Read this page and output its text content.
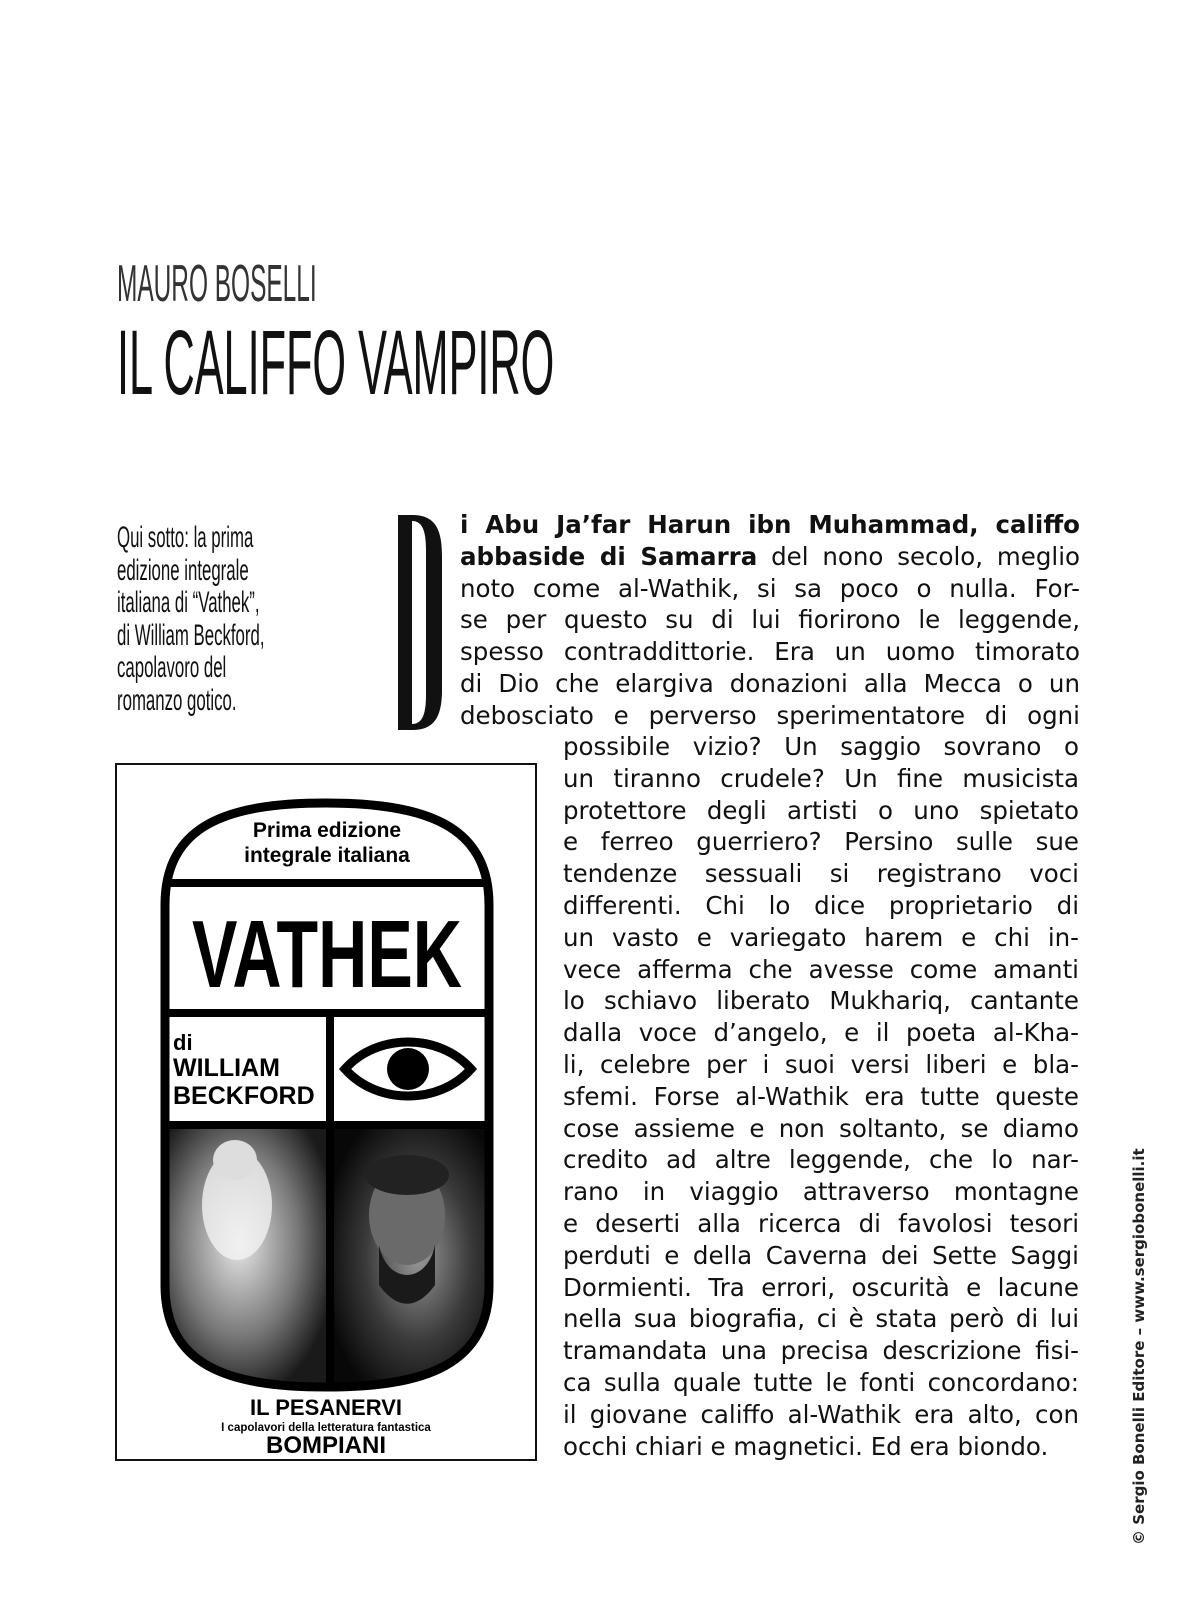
MAURO BOSELLI
IL CALIFFO VAMPIRO
Qui sotto: la prima
edizione integrale
italiana di “Vathek”,
di William Beckford,
capolavoro del
romanzo gotico.
D
i Abu Ja’far Harun ibn Muhammad, califfo
abbaside di Samarra del nono secolo, meglio
noto come al-Wathik, si sa poco o nulla. For-
se per questo su di lui fiorirono le leggende,
spesso contraddittorie. Era un uomo timorato
di Dio che elargiva donazioni alla Mecca o un
debosciato e perverso sperimentatore di ogni
possibile vizio? Un saggio sovrano o
un tiranno crudele? Un fine musicista
protettore degli artisti o uno spietato
e ferreo guerriero? Persino sulle sue
tendenze sessuali si registrano voci
differenti. Chi lo dice proprietario di
un vasto e variegato harem e chi in-
vece afferma che avesse come amanti
lo schiavo liberato Mukhariq, cantante
dalla voce d’angelo, e il poeta al-Kha-
li, celebre per i suoi versi liberi e bla-
sfemi. Forse al-Wathik era tutte queste
cose assieme e non soltanto, se diamo
credito ad altre leggende, che lo nar-
rano in viaggio attraverso montagne
e deserti alla ricerca di favolosi tesori
perduti e della Caverna dei Sette Saggi
Dormienti. Tra errori, oscurità e lacune
nella sua biografia, ci è stata però di lui
tramandata una precisa descrizione fisi-
ca sulla quale tutte le fonti concordano:
il giovane califfo al-Wathik era alto, con
occhi chiari e magnetici. Ed era biondo.
Prima edizione
integrale italiana
VATHEK
di
WILLIAM
BECKFORD
IL PESANERVI
I capolavori della letteratura fantastica
BOMPIANI	© Sergio Bonelli Editore – www.sergiobonelli.it
